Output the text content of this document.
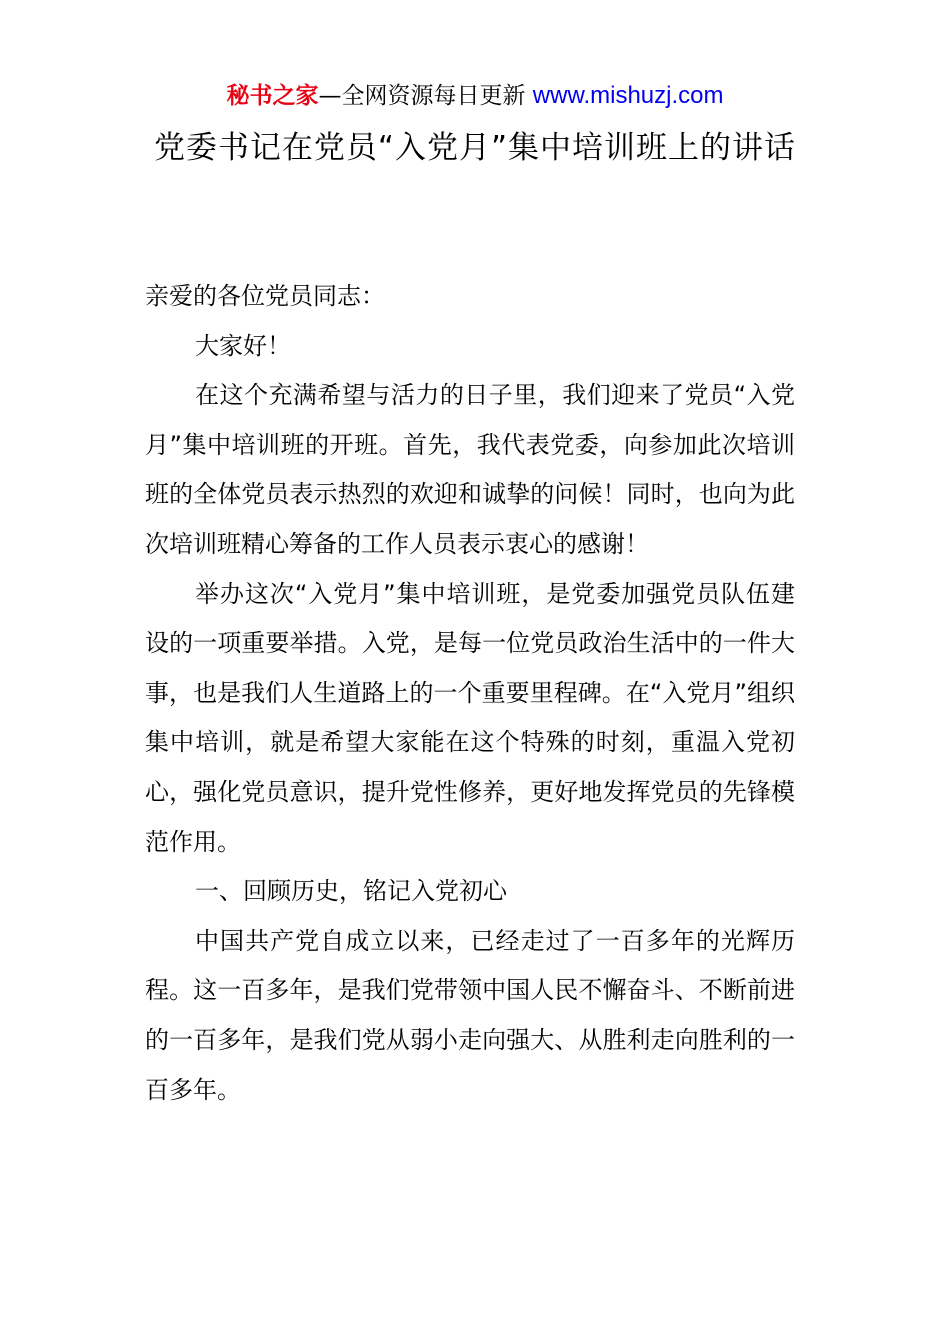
秘书之家—全网资源每日更新 www.mishuzj.com
党委书记在党员“入党月”集中培训班上的讲话

亲爱的各位党员同志：

大家好！

在这个充满希望与活力的日子里，我们迎来了党员“入党月”集中培训班的开班。首先，我代表党委，向参加此次培训班的全体党员表示热烈的欢迎和诚挚的问候！同时，也向为此次培训班精心筹备的工作人员表示衷心的感谢！

举办这次“入党月”集中培训班，是党委加强党员队伍建设的一项重要举措。入党，是每一位党员政治生活中的一件大事，也是我们人生道路上的一个重要里程碑。在“入党月”组织集中培训，就是希望大家能在这个特殊的时刻，重温入党初心，强化党员意识，提升党性修养，更好地发挥党员的先锋模范作用。

一、回顾历史，铭记入党初心

中国共产党自成立以来，已经走过了一百多年的光辉历程。这一百多年，是我们党带领中国人民不懈奋斗、不断前进的一百多年，是我们党从弱小走向强大、从胜利走向胜利的一百多年。
